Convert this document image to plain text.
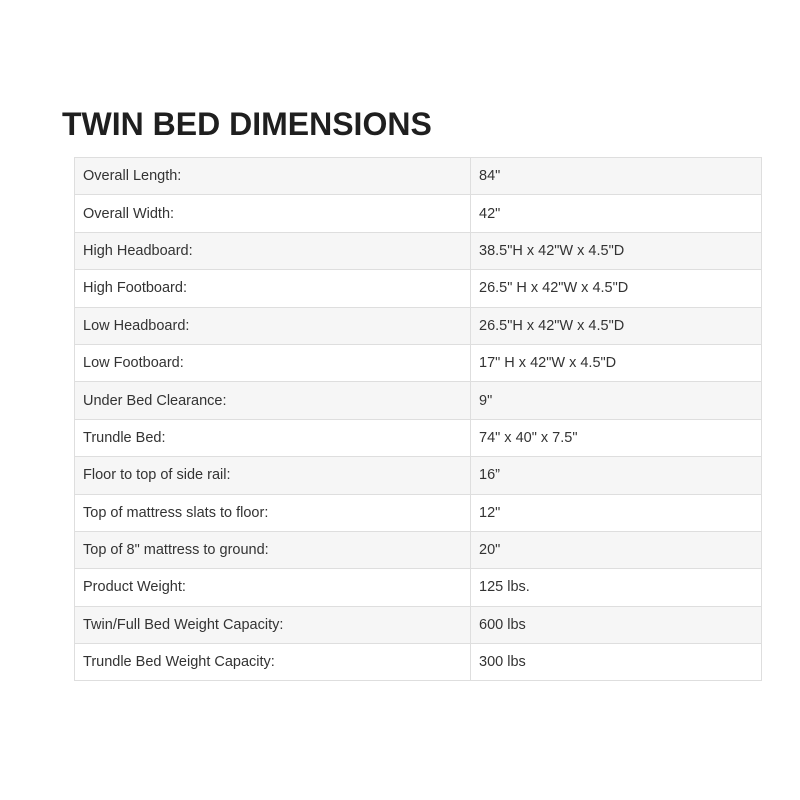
TWIN BED DIMENSIONS
Overall Length:	84"
Overall Width:	42"
High Headboard:	38.5"H x 42"W x 4.5"D
High Footboard:	26.5" H x 42"W x 4.5"D
Low Headboard:	26.5"H x 42"W x 4.5"D
Low Footboard:	17" H x 42"W x 4.5"D
Under Bed Clearance:	9"
Trundle Bed:	74" x 40" x 7.5"
Floor to top of side rail:	16”
Top of mattress slats to floor:	12"
Top of 8" mattress to ground:	20"
Product Weight:	125 lbs.
Twin/Full Bed Weight Capacity:	600 lbs
Trundle Bed Weight Capacity:	300 lbs
